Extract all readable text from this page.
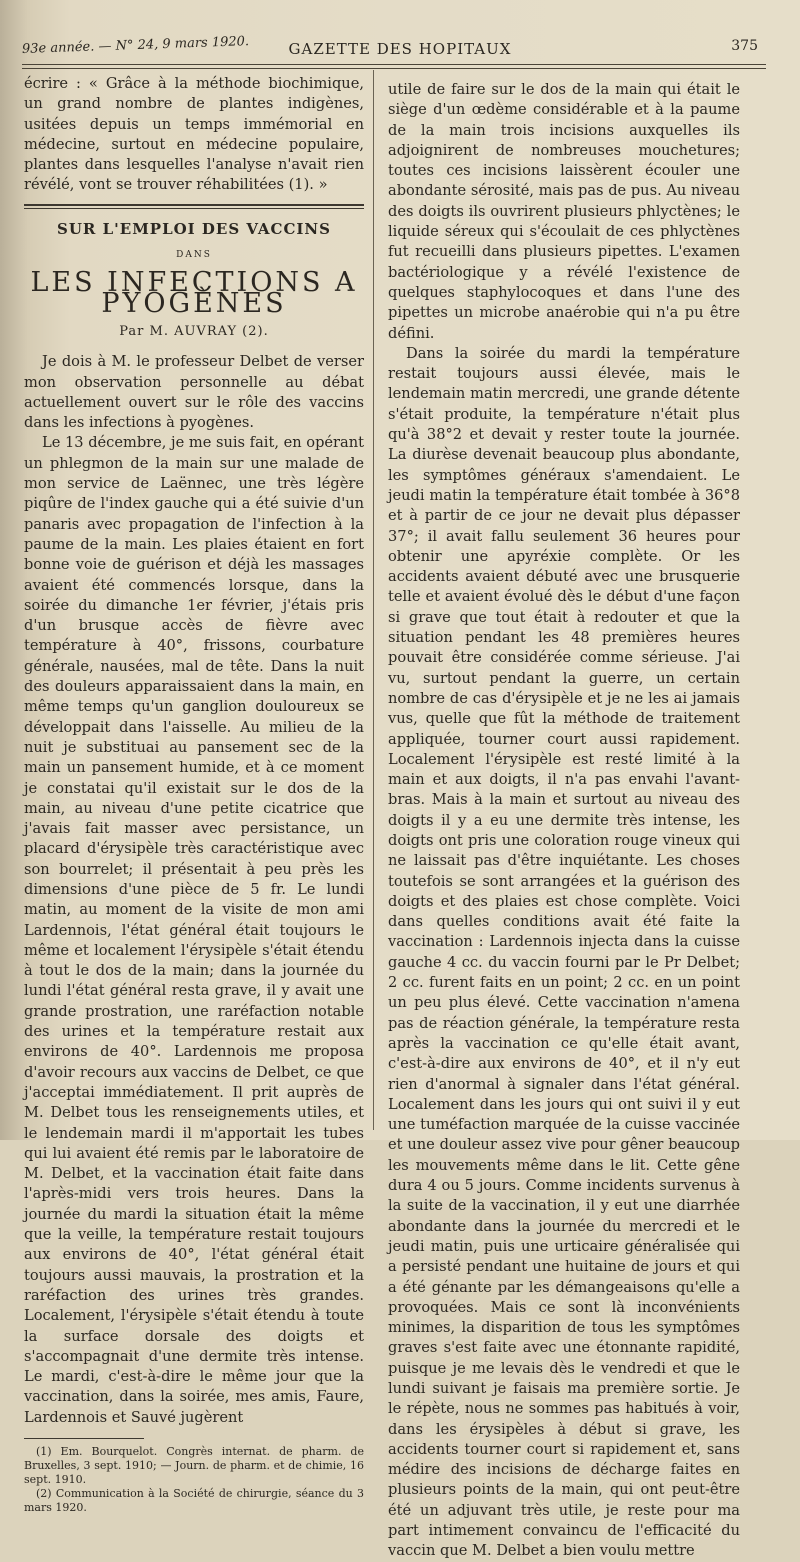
93e année. — N° 24, 9 mars 1920.	GAZETTE DES HOPITAUX	375

écrire : « Grâce à la méthode biochimique, un grand nombre de plantes indigènes, usitées depuis un temps immémorial en médecine, surtout en médecine populaire, plantes dans lesquelles l'analyse n'avait rien révélé, vont se trouver réhabilitées (1). »

SUR L'EMPLOI DES VACCINS
DANS
LES INFECTIONS A PYOGÈNES
Par M. AUVRAY (2).

Je dois à M. le professeur Delbet de verser mon observation personnelle au débat actuellement ouvert sur le rôle des vaccins dans les infections à pyogènes.

Le 13 décembre, je me suis fait, en opérant un phlegmon de la main sur une malade de mon service de Laënnec, une très légère piqûre de l'index gauche qui a été suivie d'un panaris avec propagation de l'infection à la paume de la main. Les plaies étaient en fort bonne voie de guérison et déjà les massages avaient été commencés lorsque, dans la soirée du dimanche 1er février, j'étais pris d'un brusque accès de fièvre avec température à 40°, frissons, courbature générale, nausées, mal de tête. Dans la nuit des douleurs apparaissaient dans la main, en même temps qu'un ganglion douloureux se développait dans l'aisselle. Au milieu de la nuit je substituai au pansement sec de la main un pansement humide, et à ce moment je constatai qu'il existait sur le dos de la main, au niveau d'une petite cicatrice que j'avais fait masser avec persistance, un placard d'érysipèle très caractéristique avec son bourrelet; il présentait à peu près les dimensions d'une pièce de 5 fr. Le lundi matin, au moment de la visite de mon ami Lardennois, l'état général était toujours le même et localement l'érysipèle s'était étendu à tout le dos de la main; dans la journée du lundi l'état général resta grave, il y avait une grande prostration, une raréfaction notable des urines et la température restait aux environs de 40°. Lardennois me proposa d'avoir recours aux vaccins de Delbet, ce que j'acceptai immédiatement. Il prit auprès de M. Delbet tous les renseignements utiles, et le lendemain mardi il m'apportait les tubes qui lui avaient été remis par le laboratoire de M. Delbet, et la vaccination était faite dans l'après-midi vers trois heures. Dans la journée du mardi la situation était la même que la veille, la température restait toujours aux environs de 40°, l'état général était toujours aussi mauvais, la prostration et la raréfaction des urines très grandes. Localement, l'érysipèle s'était étendu à toute la surface dorsale des doigts et s'accompagnait d'une dermite très intense. Le mardi, c'est-à-dire le même jour que la vaccination, dans la soirée, mes amis, Faure, Lardennois et Sauvé jugèrent

(1) Em. Bourquelot. Congrès internat. de pharm. de Bruxelles, 3 sept. 1910; — Journ. de pharm. et de chimie, 16 sept. 1910.

(2) Communication à la Société de chirurgie, séance du 3 mars 1920.

utile de faire sur le dos de la main qui était le siège d'un œdème considérable et à la paume de la main trois incisions auxquelles ils adjoignirent de nombreuses mouchetures; toutes ces incisions laissèrent écouler une abondante sérosité, mais pas de pus. Au niveau des doigts ils ouvrirent plusieurs phlyctènes; le liquide séreux qui s'écoulait de ces phlyctènes fut recueilli dans plusieurs pipettes. L'examen bactériologique y a révélé l'existence de quelques staphylocoques et dans l'une des pipettes un microbe anaérobie qui n'a pu être défini.

Dans la soirée du mardi la température restait toujours aussi élevée, mais le lendemain matin mercredi, une grande détente s'était produite, la température n'était plus qu'à 38°2 et devait y rester toute la journée. La diurèse devenait beaucoup plus abondante, les symptômes généraux s'amendaient. Le jeudi matin la température était tombée à 36°8 et à partir de ce jour ne devait plus dépasser 37°; il avait fallu seulement 36 heures pour obtenir une apyréxie complète. Or les accidents avaient débuté avec une brusquerie telle et avaient évolué dès le début d'une façon si grave que tout était à redouter et que la situation pendant les 48 premières heures pouvait être considérée comme sérieuse. J'ai vu, surtout pendant la guerre, un certain nombre de cas d'érysipèle et je ne les ai jamais vus, quelle que fût la méthode de traitement appliquée, tourner court aussi rapidement. Localement l'érysipèle est resté limité à la main et aux doigts, il n'a pas envahi l'avant-bras. Mais à la main et surtout au niveau des doigts il y a eu une dermite très intense, les doigts ont pris une coloration rouge vineux qui ne laissait pas d'être inquiétante. Les choses toutefois se sont arrangées et la guérison des doigts et des plaies est chose complète. Voici dans quelles conditions avait été faite la vaccination : Lardennois injecta dans la cuisse gauche 4 cc. du vaccin fourni par le Pr Delbet; 2 cc. furent faits en un point; 2 cc. en un point un peu plus élevé. Cette vaccination n'amena pas de réaction générale, la température resta après la vaccination ce qu'elle était avant, c'est-à-dire aux environs de 40°, et il n'y eut rien d'anormal à signaler dans l'état général. Localement dans les jours qui ont suivi il y eut une tuméfaction marquée de la cuisse vaccinée et une douleur assez vive pour gêner beaucoup les mouvements même dans le lit. Cette gêne dura 4 ou 5 jours. Comme incidents survenus à la suite de la vaccination, il y eut une diarrhée abondante dans la journée du mercredi et le jeudi matin, puis une urticaire généralisée qui a persisté pendant une huitaine de jours et qui a été génante par les démangeaisons qu'elle a provoquées. Mais ce sont là inconvénients minimes, la disparition de tous les symptômes graves s'est faite avec une étonnante rapidité, puisque je me levais dès le vendredi et que le lundi suivant je faisais ma première sortie. Je le répète, nous ne sommes pas habitués à voir, dans les érysipèles à début si grave, les accidents tourner court si rapidement et, sans médire des incisions de décharge faites en plusieurs points de la main, qui ont peut-être été un adjuvant très utile, je reste pour ma part intimement convaincu de l'efficacité du vaccin que M. Delbet a bien voulu mettre
